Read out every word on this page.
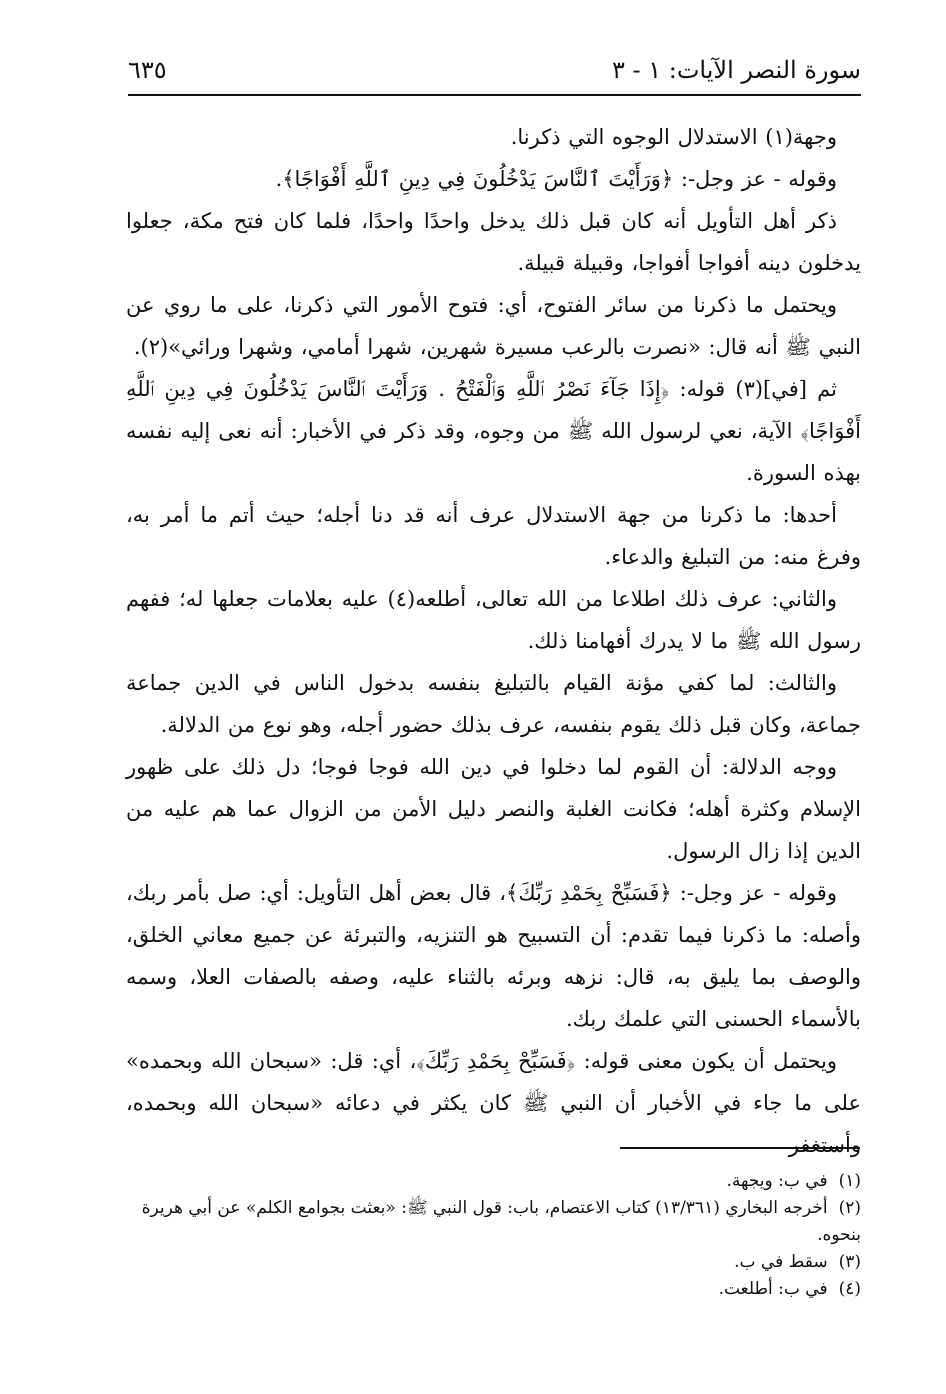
سورة النصر الآيات: ١ - ٣
٦٣٥

وجهة(١) الاستدلال الوجوه التي ذكرنا.

وقوله - عز وجل-: ﴿وَرَأَيْتَ ٱلنَّاسَ يَدْخُلُونَ فِي دِينِ ٱللَّهِ أَفْوَاجًا﴾.

ذكر أهل التأويل أنه كان قبل ذلك يدخل واحدًا واحدًا، فلما كان فتح مكة، جعلوا يدخلون دينه أفواجا أفواجا، وقبيلة قبيلة.

ويحتمل ما ذكرنا من سائر الفتوح، أي: فتوح الأمور التي ذكرنا، على ما روي عن النبي ﷺ أنه قال: «نصرت بالرعب مسيرة شهرين، شهرا أمامي، وشهرا ورائي»(٢).

ثم [في](٣) قوله: ﴿إِذَا جَآءَ نَصْرُ ٱللَّهِ وَٱلْفَتْحُ . وَرَأَيْتَ ٱلنَّاسَ يَدْخُلُونَ فِي دِينِ ٱللَّهِ أَفْوَاجًا﴾ الآية، نعي لرسول الله ﷺ من وجوه، وقد ذكر في الأخبار: أنه نعى إليه نفسه بهذه السورة.

أحدها: ما ذكرنا من جهة الاستدلال عرف أنه قد دنا أجله؛ حيث أتم ما أمر به، وفرغ منه: من التبليغ والدعاء.

والثاني: عرف ذلك اطلاعا من الله تعالى، أطلعه(٤) عليه بعلامات جعلها له؛ ففهم رسول الله ﷺ ما لا يدرك أفهامنا ذلك.

والثالث: لما كفي مؤنة القيام بالتبليغ بنفسه بدخول الناس في الدين جماعة جماعة، وكان قبل ذلك يقوم بنفسه، عرف بذلك حضور أجله، وهو نوع من الدلالة.

ووجه الدلالة: أن القوم لما دخلوا في دين الله فوجا فوجا؛ دل ذلك على ظهور الإسلام وكثرة أهله؛ فكانت الغلبة والنصر دليل الأمن من الزوال عما هم عليه من الدين إذا زال الرسول.

وقوله - عز وجل-: ﴿فَسَبِّحْ بِحَمْدِ رَبِّكَ﴾، قال بعض أهل التأويل: أي: صل بأمر ربك، وأصله: ما ذكرنا فيما تقدم: أن التسبيح هو التنزيه، والتبرئة عن جميع معاني الخلق، والوصف بما يليق به، قال: نزهه وبرئه بالثناء عليه، وصفه بالصفات العلا، وسمه بالأسماء الحسنى التي علمك ربك.

ويحتمل أن يكون معنى قوله: ﴿فَسَبِّحْ بِحَمْدِ رَبِّكَ﴾، أي: قل: «سبحان الله وبحمده» على ما جاء في الأخبار أن النبي ﷺ كان يكثر في دعائه «سبحان الله وبحمده، وأستغفر

(١) في ب: ويجهة.

(٢) أخرجه البخاري (١٣/٣٦١) كتاب الاعتصام، باب: قول النبي ﷺ: «بعثت بجوامع الكلم» عن أبي هريرة بنحوه.

(٣) سقط في ب.

(٤) في ب: أطلعت.
